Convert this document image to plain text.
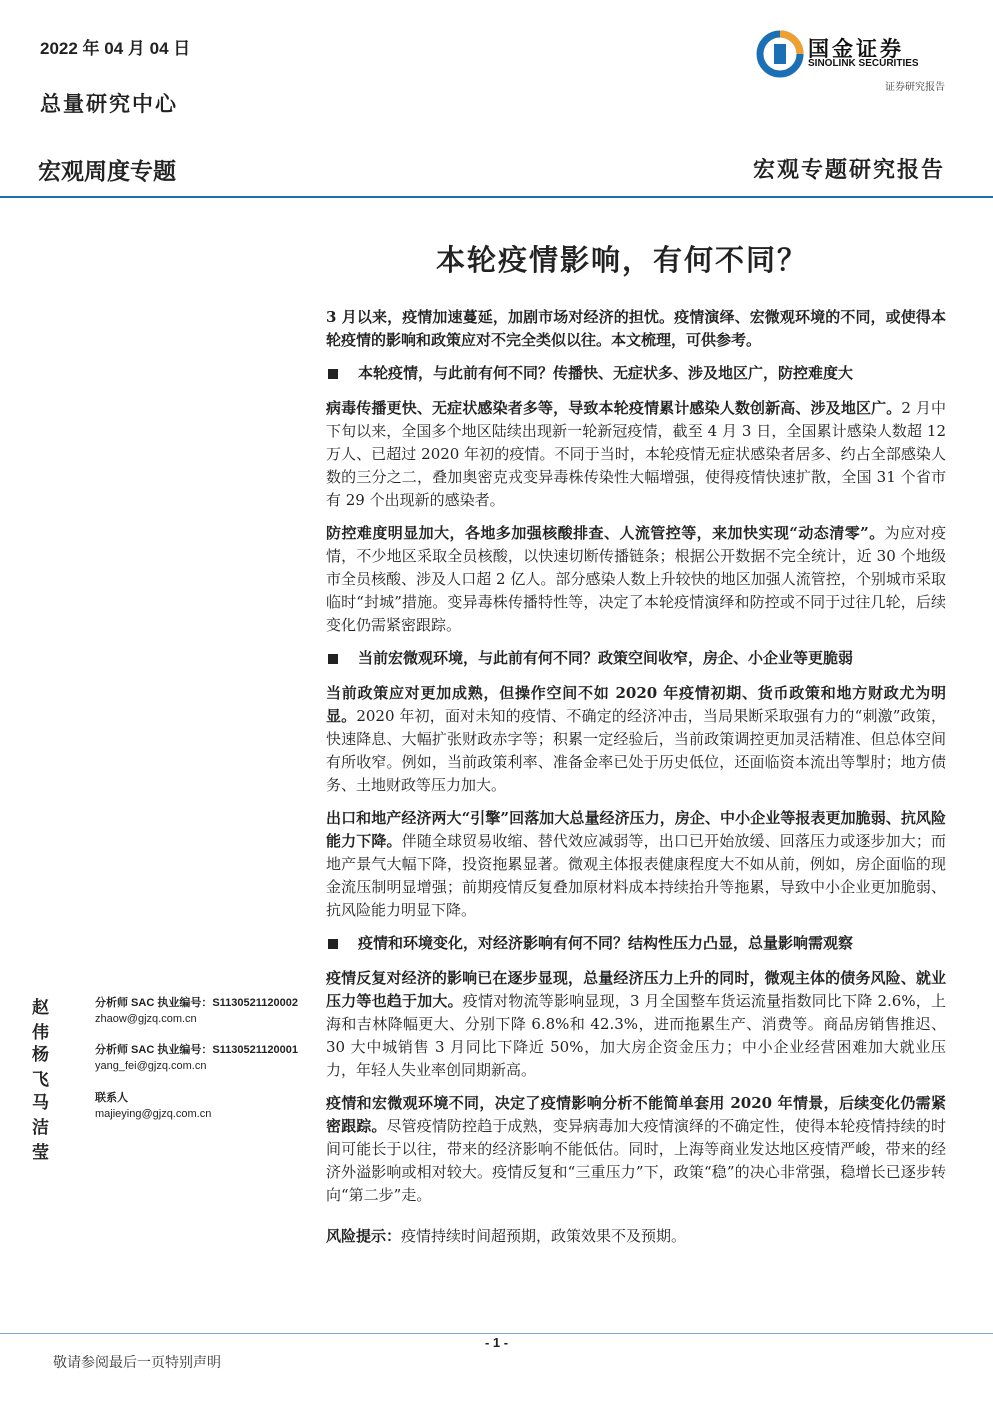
2022 年 04 月 04 日
总量研究中心
宏观周度专题	宏观专题研究报告
国金证券
SINOLINK SECURITIES
证券研究报告
本轮疫情影响，有何不同？

3 月以来，疫情加速蔓延，加剧市场对经济的担忧。疫情演绎、宏微观环境的不同，或使得本轮疫情的影响和政策应对不完全类似以往。本文梳理，可供参考。

本轮疫情，与此前有何不同？传播快、无症状多、涉及地区广，防控难度大

病毒传播更快、无症状感染者多等，导致本轮疫情累计感染人数创新高、涉及地区广。2 月中下旬以来，全国多个地区陆续出现新一轮新冠疫情，截至 4 月 3 日，全国累计感染人数超 12 万人、已超过 2020 年初的疫情。不同于当时，本轮疫情无症状感染者居多、约占全部感染人数的三分之二，叠加奥密克戎变异毒株传染性大幅增强，使得疫情快速扩散，全国 31 个省市有 29 个出现新的感染者。

防控难度明显加大，各地多加强核酸排查、人流管控等，来加快实现“动态清零”。为应对疫情，不少地区采取全员核酸，以快速切断传播链条；根据公开数据不完全统计，近 30 个地级市全员核酸、涉及人口超 2 亿人。部分感染人数上升较快的地区加强人流管控，个别城市采取临时“封城”措施。变异毒株传播特性等，决定了本轮疫情演绎和防控或不同于过往几轮，后续变化仍需紧密跟踪。

当前宏微观环境，与此前有何不同？政策空间收窄，房企、小企业等更脆弱

当前政策应对更加成熟，但操作空间不如 2020 年疫情初期、货币政策和地方财政尤为明显。2020 年初，面对未知的疫情、不确定的经济冲击，当局果断采取强有力的“刺激”政策，快速降息、大幅扩张财政赤字等；积累一定经验后，当前政策调控更加灵活精准、但总体空间有所收窄。例如，当前政策利率、准备金率已处于历史低位，还面临资本流出等掣肘；地方债务、土地财政等压力加大。

出口和地产经济两大“引擎”回落加大总量经济压力，房企、中小企业等报表更加脆弱、抗风险能力下降。伴随全球贸易收缩、替代效应减弱等，出口已开始放缓、回落压力或逐步加大；而地产景气大幅下降，投资拖累显著。微观主体报表健康程度大不如从前，例如，房企面临的现金流压制明显增强；前期疫情反复叠加原材料成本持续抬升等拖累，导致中小企业更加脆弱、抗风险能力明显下降。

疫情和环境变化，对经济影响有何不同？结构性压力凸显，总量影响需观察

疫情反复对经济的影响已在逐步显现，总量经济压力上升的同时，微观主体的债务风险、就业压力等也趋于加大。疫情对物流等影响显现，3 月全国整车货运流量指数同比下降 2.6%，上海和吉林降幅更大、分别下降 6.8%和 42.3%，进而拖累生产、消费等。商品房销售推迟、30 大中城销售 3 月同比下降近 50%，加大房企资金压力；中小企业经营困难加大就业压力，年轻人失业率创同期新高。

疫情和宏微观环境不同，决定了疫情影响分析不能简单套用 2020 年情景，后续变化仍需紧密跟踪。尽管疫情防控趋于成熟，变异病毒加大疫情演绎的不确定性，使得本轮疫情持续的时间可能长于以往，带来的经济影响不能低估。同时，上海等商业发达地区疫情严峻，带来的经济外溢影响或相对较大。疫情反复和“三重压力”下，政策“稳”的决心非常强，稳增长已逐步转向“第二步”走。

风险提示：疫情持续时间超预期，政策效果不及预期。

赵伟
分析师 SAC 执业编号：S1130521120002
zhaow@gjzq.com.cn
杨飞
分析师 SAC 执业编号：S1130521120001
yang_fei@gjzq.com.cn
马洁莹
联系人
majieying@gjzq.com.cn
- 1 -
敬请参阅最后一页特别声明
